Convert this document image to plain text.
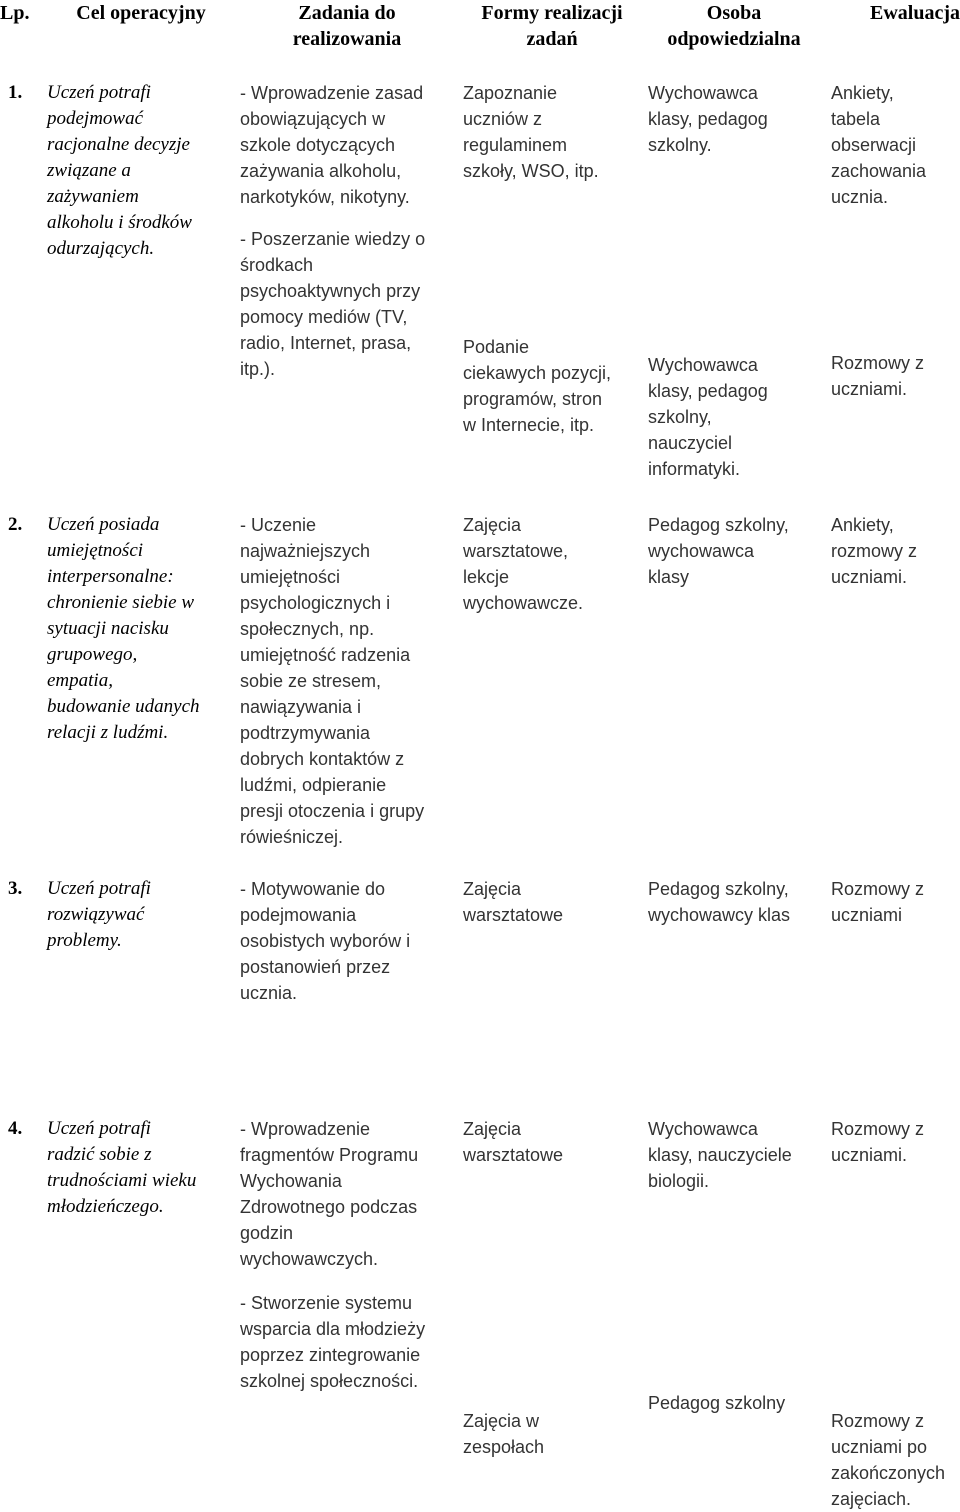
Lp.	Cel operacyjny	Zadania do
realizowania
Formy realizacji
zadań
Osoba
odpowiedzialna
Ewaluacja
1. Uczeń potrafi
podejmować
racjonalne decyzje
związane a
zażywaniem
alkoholu i środków
odurzających.
- Wprowadzenie zasad
obowiązujących w
szkole dotyczących
zażywania alkoholu,
narkotyków, nikotyny.
- Poszerzanie wiedzy o
środkach
psychoaktywnych przy
pomocy mediów (TV,
radio, Internet, prasa,
itp.).
Zapoznanie
uczniów z
regulaminem
szkoły, WSO, itp.
Podanie
ciekawych pozycji,
programów, stron
w Internecie, itp.
Wychowawca
klasy, pedagog
szkolny.
Wychowawca
klasy, pedagog
szkolny,
nauczyciel
informatyki.
Ankiety,
tabela
obserwacji
zachowania
ucznia.
Rozmowy z
uczniami.
2. Uczeń posiada
umiejętności
interpersonalne:
chronienie siebie w
sytuacji nacisku
grupowego,
empatia,
budowanie udanych
relacji z ludźmi.
- Uczenie
najważniejszych
umiejętności
psychologicznych i
społecznych, np.
umiejętność radzenia
sobie ze stresem,
nawiązywania i
podtrzymywania
dobrych kontaktów z
ludźmi, odpieranie
presji otoczenia i grupy
rówieśniczej.
Zajęcia
warsztatowe,
lekcje
wychowawcze.
Pedagog szkolny,
wychowawca
klasy
Ankiety,
rozmowy z
uczniami.
3. Uczeń potrafi
rozwiązywać
problemy.
- Motywowanie do
podejmowania
osobistych wyborów i
postanowień przez
ucznia.
Zajęcia
warsztatowe
Pedagog szkolny,
wychowawcy klas
Rozmowy z
uczniami
4. Uczeń potrafi
radzić sobie z
trudnościami wieku
młodzieńczego.
- Wprowadzenie
fragmentów Programu
Wychowania
Zdrowotnego podczas
godzin
wychowawczych.
- Stworzenie systemu
wsparcia dla młodzieży
poprzez zintegrowanie
szkolnej społeczności.
Zajęcia
warsztatowe
Zajęcia w
zespołach
Wychowawca
klasy, nauczyciele
biologii.
Pedagog szkolny
Rozmowy z
uczniami.
Rozmowy z
uczniami po
zakończonych
zajęciach.
